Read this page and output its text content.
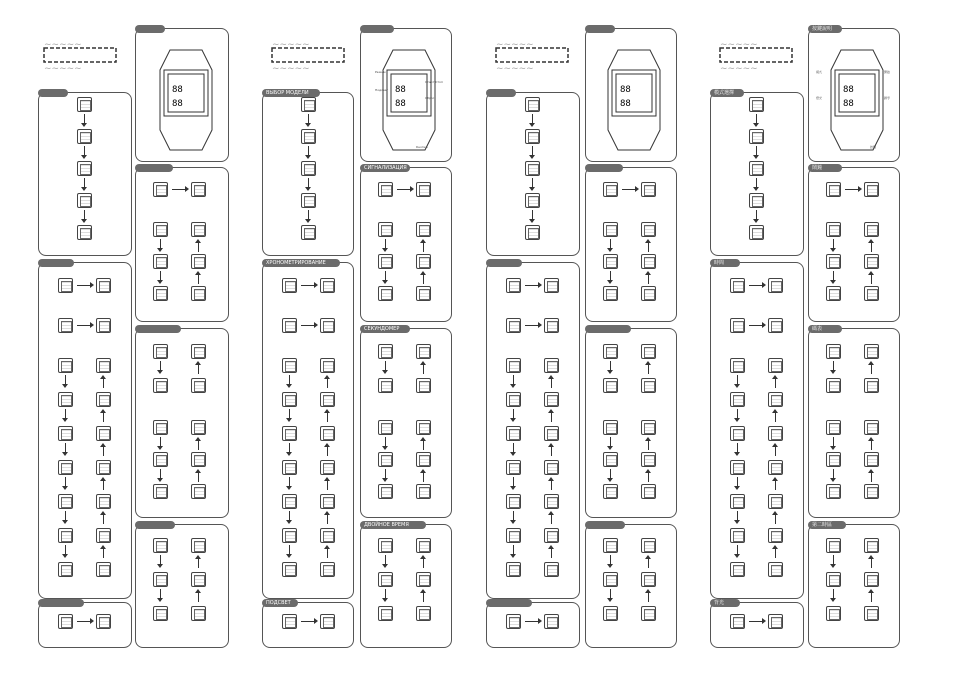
~~~~~
~~~~~
88
88
~~~~~
~~~~~
ВЫБОР МОДЕЛИ
ХРОНОМЕТРИРОВАНИЕ
ПОДСВЕТ
88
88
Режим
Подсвет
Старт/Стоп
Сброс
Кнопка
СИГНАЛИЗАЦИЯ
СЕКУНДОМЕР
ДВОЙНОЕ ВРЕМЯ
~~~~~
~~~~~
88
88
~~~~~
~~~~~
按鍵說明
88
88
模式
燈光
開始
歸零
按鍵
模式選擇
時間
背光
鬧鐘
碼表
第二時區
